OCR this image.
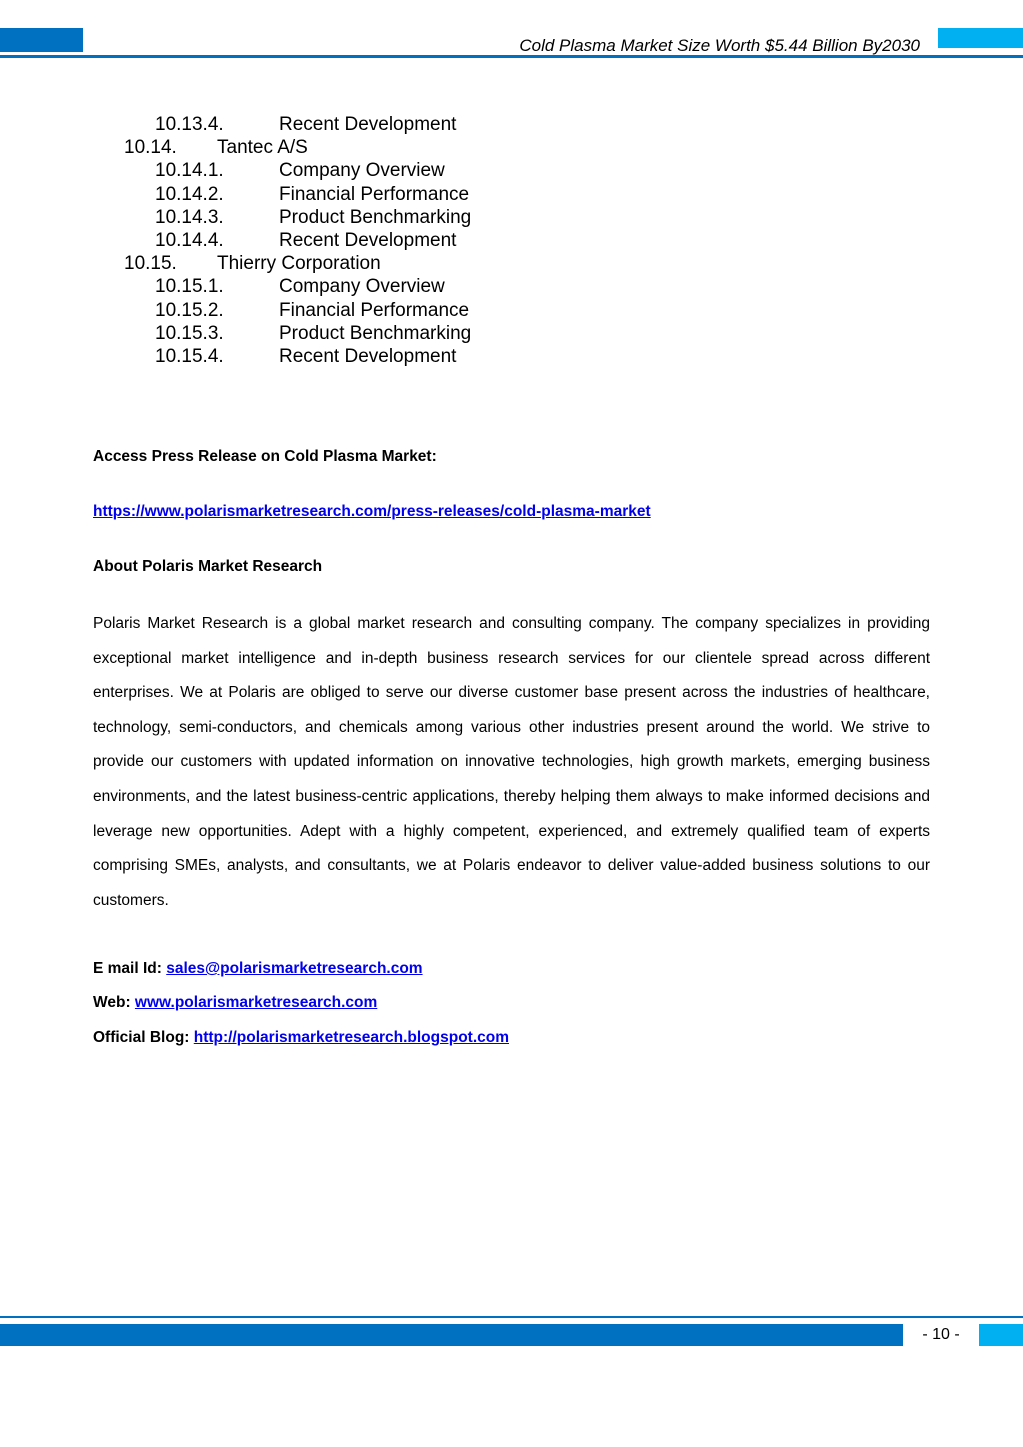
Cold Plasma Market Size Worth $5.44 Billion By2030
10.13.4.	Recent Development
10.14. Tantec A/S
10.14.1.	Company Overview
10.14.2.	Financial Performance
10.14.3.	Product Benchmarking
10.14.4.	Recent Development
10.15. Thierry Corporation
10.15.1.	Company Overview
10.15.2.	Financial Performance
10.15.3.	Product Benchmarking
10.15.4.	Recent Development
Access Press Release on Cold Plasma Market:
https://www.polarismarketresearch.com/press-releases/cold-plasma-market
About Polaris Market Research

Polaris Market Research is a global market research and consulting company. The company specializes in providing exceptional market intelligence and in-depth business research services for our clientele spread across different enterprises. We at Polaris are obliged to serve our diverse customer base present across the industries of healthcare, technology, semi-conductors, and chemicals among various other industries present around the world. We strive to provide our customers with updated information on innovative technologies, high growth markets, emerging business environments, and the latest business-centric applications, thereby helping them always to make informed decisions and leverage new opportunities. Adept with a highly competent, experienced, and extremely qualified team of experts comprising SMEs, analysts, and consultants, we at Polaris endeavor to deliver value-added business solutions to our customers.

E mail Id: sales@polarismarketresearch.com
Web: www.polarismarketresearch.com
Official Blog: http://polarismarketresearch.blogspot.com
- 10 -
